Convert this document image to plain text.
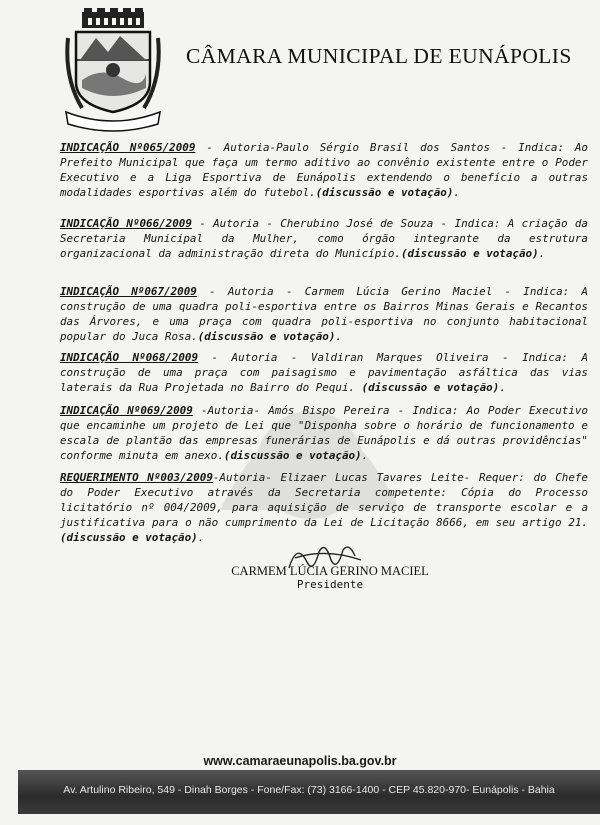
CÂMARA MUNICIPAL DE EUNÁPOLIS
INDICAÇÃO Nº065/2009 - Autoria-Paulo Sérgio Brasil dos Santos - Indica: Ao Prefeito Municipal que faça um termo aditivo ao convênio existente entre o Poder Executivo e a Liga Esportiva de Eunápolis extendendo o benefício a outras modalidades esportivas além do futebol.(discussão e votação).
INDICAÇÃO Nº066/2009 - Autoria - Cherubino José de Souza - Indica: A criação da Secretaria Municipal da Mulher, como órgão integrante da estrutura organizacional da administração direta do Município.(discussão e votação).
INDICAÇÃO Nº067/2009 - Autoria - Carmem Lúcia Gerino Maciel - Indica: A construção de uma quadra poli-esportiva entre os Bairros Minas Gerais e Recantos das Árvores, e uma praça com quadra poli-esportiva no conjunto habitacional popular do Juca Rosa.(discussão e votação).
INDICAÇÃO Nº068/2009 - Autoria - Valdiran Marques Oliveira - Indica: A construção de uma praça com paisagismo e pavimentação asfáltica das vias laterais da Rua Projetada no Bairro do Pequi. (discussão e votação).
INDICAÇÃO Nº069/2009 -Autoria- Amós Bispo Pereira - Indica: Ao Poder Executivo que encaminhe um projeto de Lei que "Disponha sobre o horário de funcionamento e escala de plantão das empresas funerárias de Eunápolis e dá outras providências" conforme minuta em anexo.(discussão e votação).
REQUERIMENTO Nº003/2009-Autoria- Elizaer Lucas Tavares Leite- Requer: do Chefe do Poder Executivo através da Secretaria competente: Cópia do Processo licitatório nº 004/2009, para aquisição de serviço de transporte escolar e a justificativa para o não cumprimento da Lei de Licitação 8666, em seu artigo 21.(discussão e votação).
CARMEM LÚCIA GERINO MACIEL
Presidente
www.camaraeunapolis.ba.gov.br
Av. Artulino Ribeiro, 549 - Dinah Borges - Fone/Fax: (73) 3166-1400 - CEP 45.820-970- Eunápolis - Bahia
